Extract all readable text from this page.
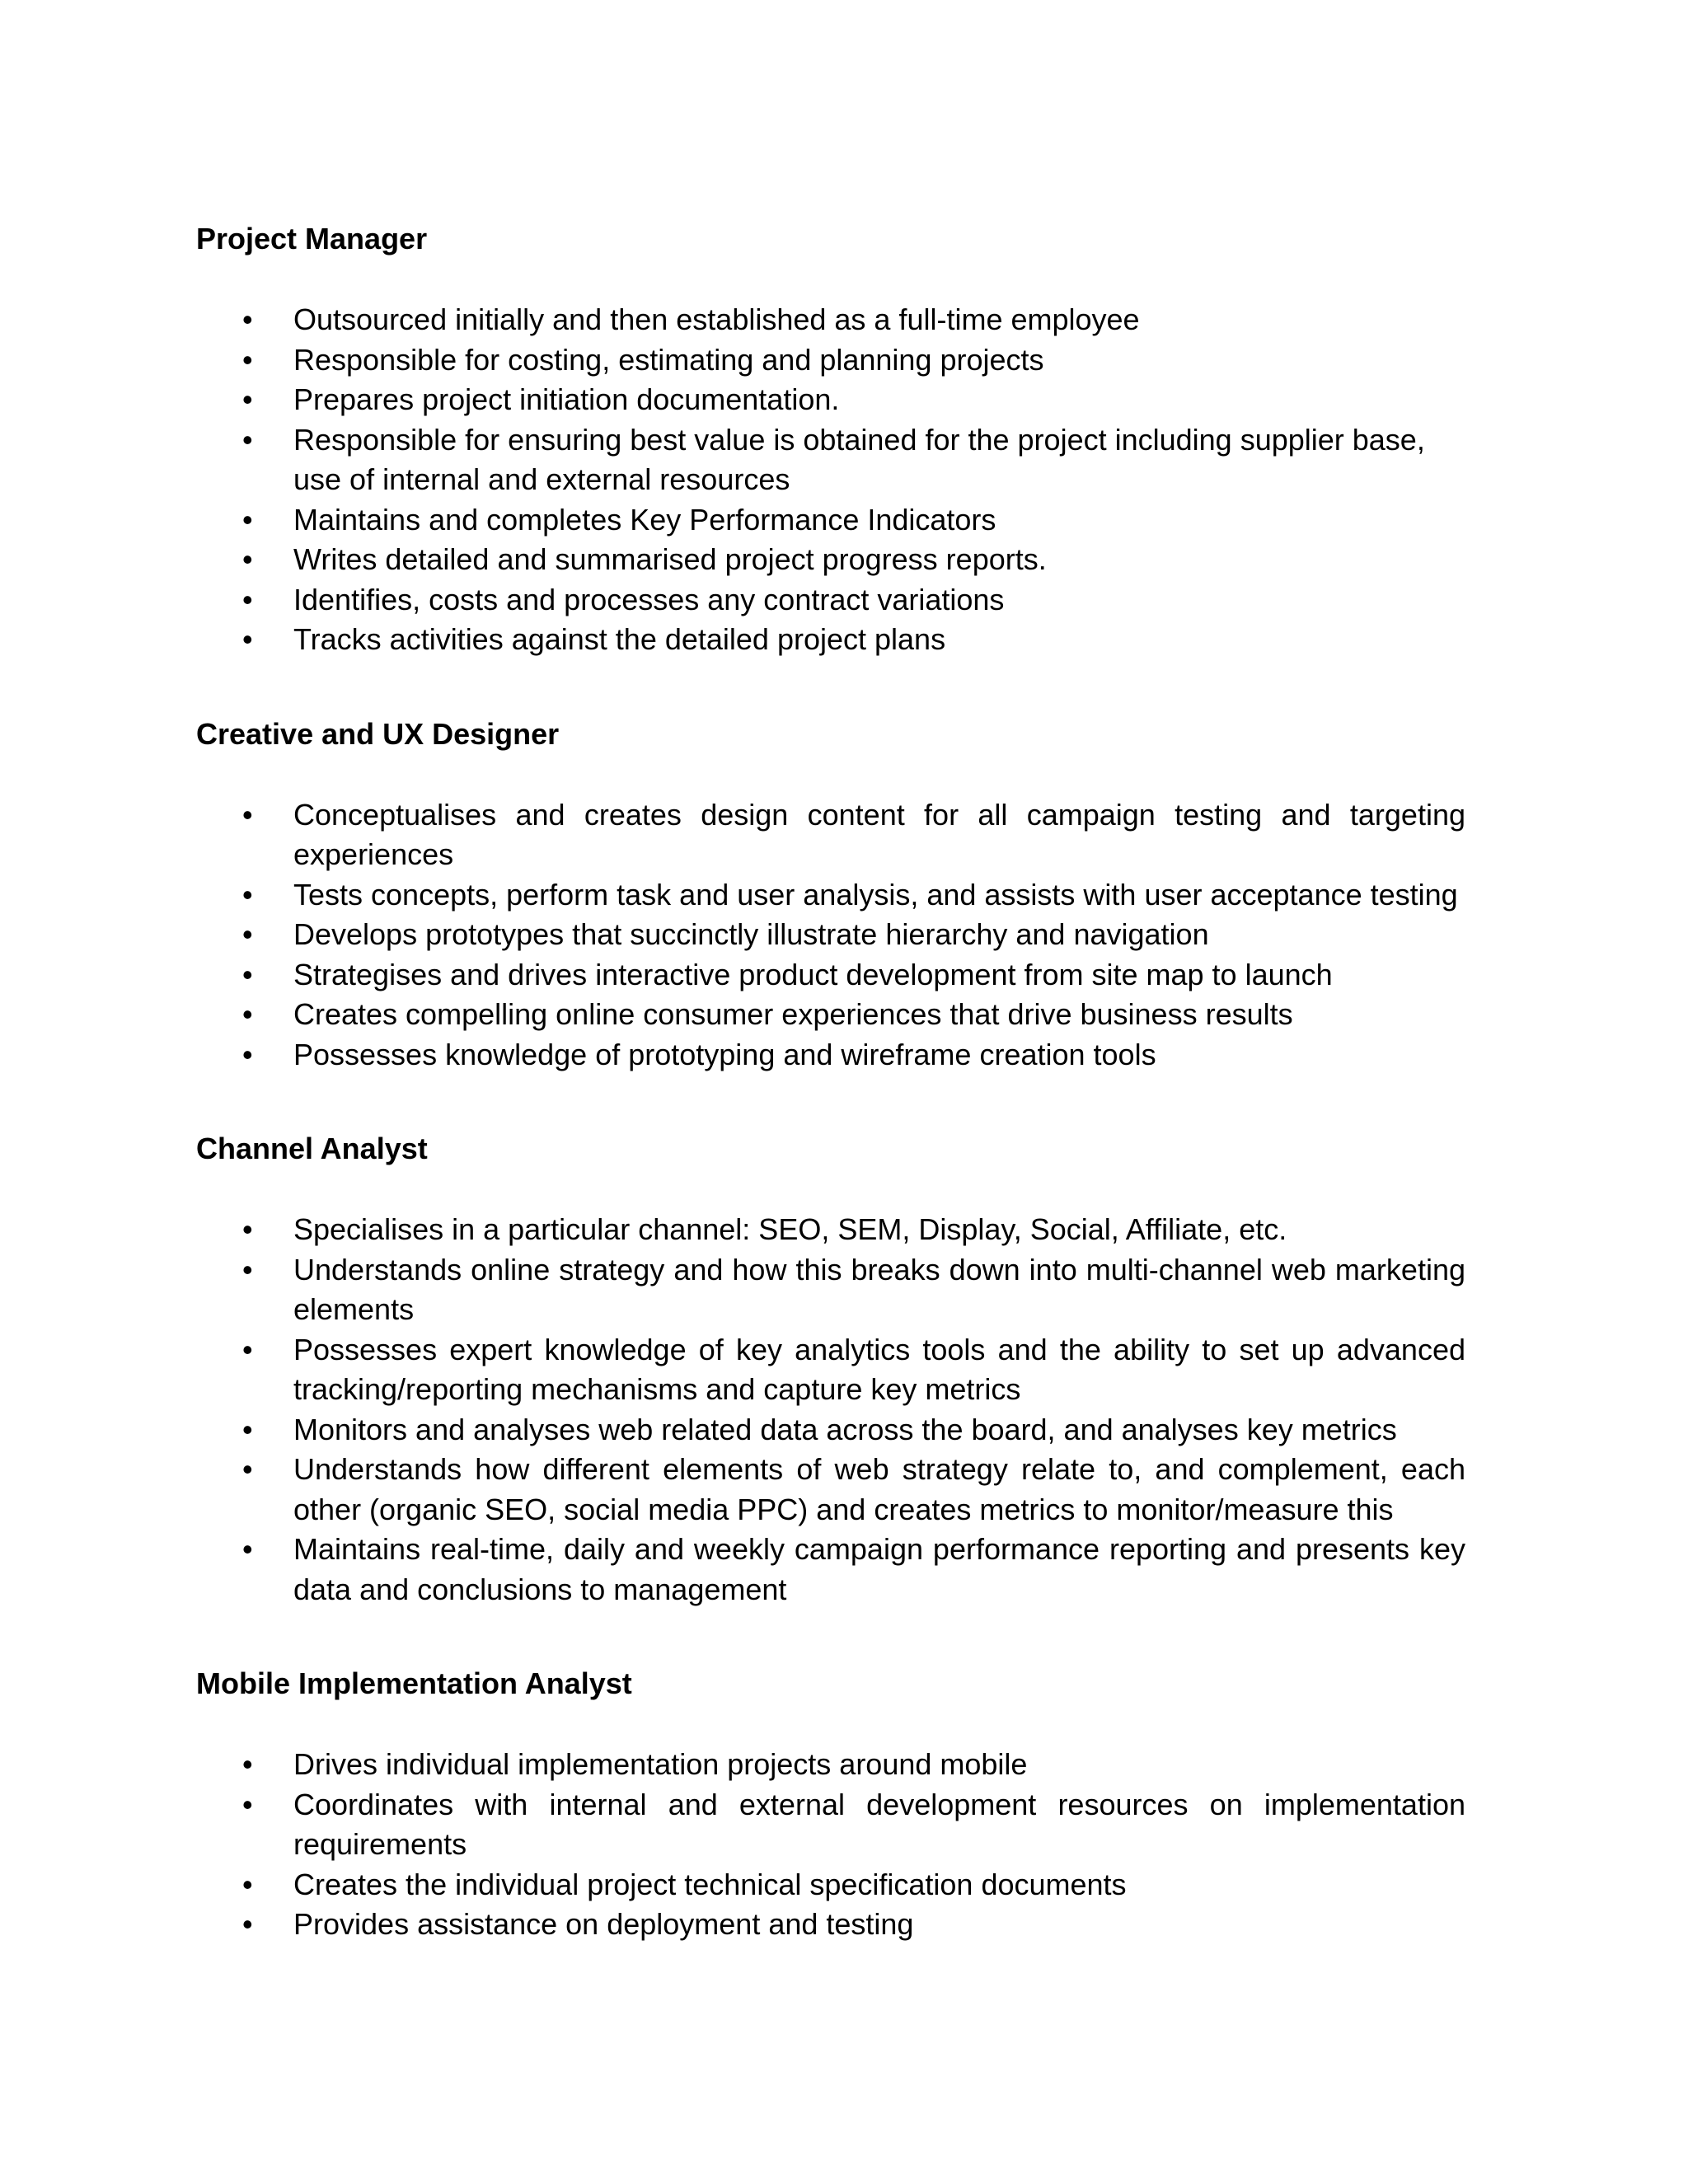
Project Manager
• Outsourced initially and then established as a full-time employee
• Responsible for costing, estimating and planning projects
• Prepares project initiation documentation.
• Responsible for ensuring best value is obtained for the project including supplier base, use of internal and external resources
• Maintains and completes Key Performance Indicators
• Writes detailed and summarised project progress reports.
• Identifies, costs and processes any contract variations
• Tracks activities against the detailed project plans
Creative and UX Designer
• Conceptualises and creates design content for all campaign testing and targeting experiences
• Tests concepts, perform task and user analysis, and assists with user acceptance testing
• Develops prototypes that succinctly illustrate hierarchy and navigation
• Strategises and drives interactive product development from site map to launch
• Creates compelling online consumer experiences that drive business results
• Possesses knowledge of prototyping and wireframe creation tools
Channel Analyst
• Specialises in a particular channel: SEO, SEM, Display, Social, Affiliate, etc.
• Understands online strategy and how this breaks down into multi-channel web marketing elements
• Possesses expert knowledge of key analytics tools and the ability to set up advanced tracking/reporting mechanisms and capture key metrics
• Monitors and analyses web related data across the board, and analyses key metrics
• Understands how different elements of web strategy relate to, and complement, each other (organic SEO, social media PPC) and creates metrics to monitor/measure this
• Maintains real-time, daily and weekly campaign performance reporting and presents key data and conclusions to management
Mobile Implementation Analyst
• Drives individual implementation projects around mobile
• Coordinates with internal and external development resources on implementation requirements
• Creates the individual project technical specification documents
• Provides assistance on deployment and testing
